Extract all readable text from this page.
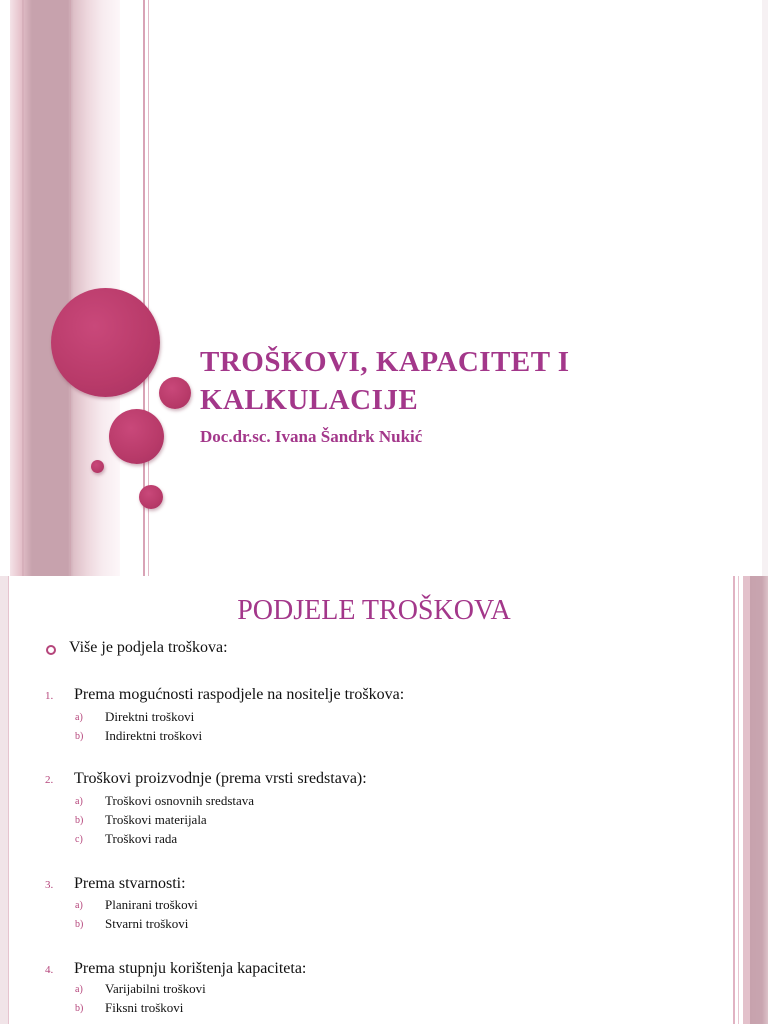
TROŠKOVI, KAPACITET I
KALKULACIJE
Doc.dr.sc. Ivana Šandrk Nukić
PODJELE TROŠKOVA
Više je podjela troškova:
1. Prema mogućnosti raspodjele na nositelje troškova:
a) Direktni troškovi
b) Indirektni troškovi
2. Troškovi proizvodnje (prema vrsti sredstava):
a) Troškovi osnovnih sredstava
b) Troškovi materijala
c) Troškovi rada
3. Prema stvarnosti:
a) Planirani troškovi
b) Stvarni troškovi
4. Prema stupnju korištenja kapaciteta:
a) Varijabilni troškovi
b) Fiksni troškovi
